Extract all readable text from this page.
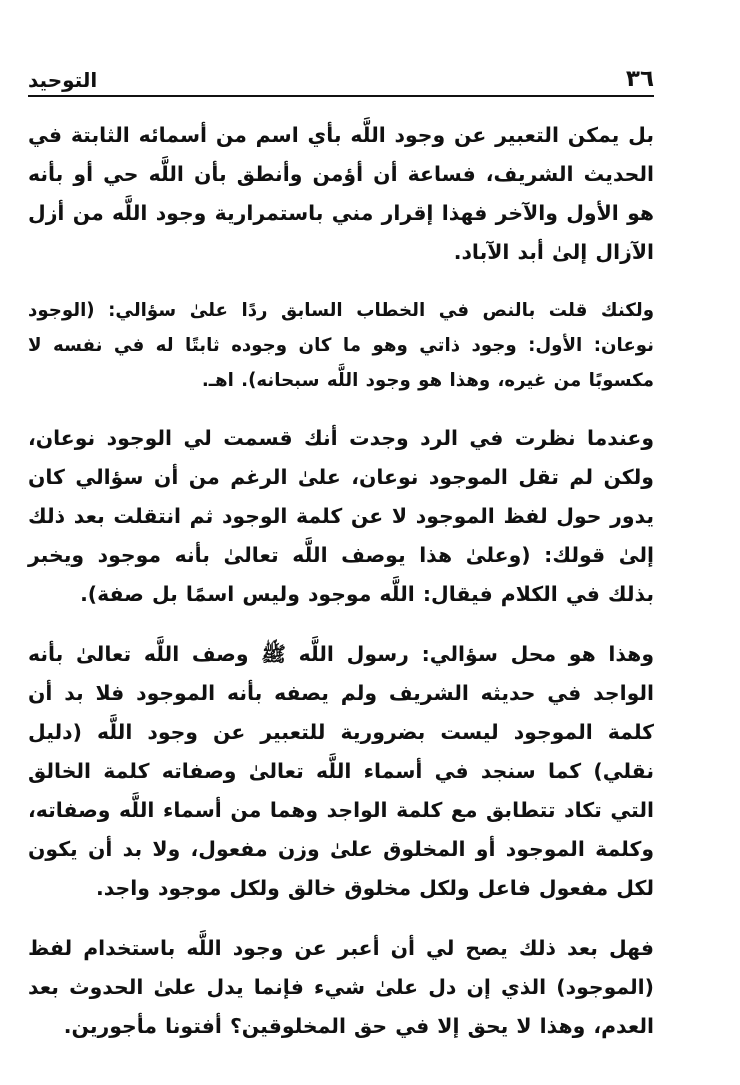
٣٦
التوحيد

بل يمكن التعبير عن وجود اللَّه بأي اسم من أسمائه الثابتة في الحديث الشريف، فساعة أن أؤمن وأنطق بأن اللَّه حي أو بأنه هو الأول والآخر فهذا إقرار مني باستمرارية وجود اللَّه من أزل الآزال إلىٰ أبد الآباد.

ولكنك قلت بالنص في الخطاب السابق ردًا علىٰ سؤالي: (الوجود نوعان: الأول: وجود ذاتي وهو ما كان وجوده ثابتًا له في نفسه لا مكسوبًا من غيره، وهذا هو وجود اللَّه سبحانه). اهـ.

وعندما نظرت في الرد وجدت أنك قسمت لي الوجود نوعان، ولكن لم تقل الموجود نوعان، علىٰ الرغم من أن سؤالي كان يدور حول لفظ الموجود لا عن كلمة الوجود ثم انتقلت بعد ذلك إلىٰ قولك: (وعلىٰ هذا يوصف اللَّه تعالىٰ بأنه موجود ويخبر بذلك في الكلام فيقال: اللَّه موجود وليس اسمًا بل صفة).

وهذا هو محل سؤالي: رسول اللَّه ﷺ وصف اللَّه تعالىٰ بأنه الواجد في حديثه الشريف ولم يصفه بأنه الموجود فلا بد أن كلمة الموجود ليست بضرورية للتعبير عن وجود اللَّه (دليل نقلي) كما سنجد في أسماء اللَّه تعالىٰ وصفاته كلمة الخالق التي تكاد تتطابق مع كلمة الواجد وهما من أسماء اللَّه وصفاته، وكلمة الموجود أو المخلوق علىٰ وزن مفعول، ولا بد أن يكون لكل مفعول فاعل ولكل مخلوق خالق ولكل موجود واجد.

فهل بعد ذلك يصح لي أن أعبر عن وجود اللَّه باستخدام لفظ (الموجود) الذي إن دل علىٰ شيء فإنما يدل علىٰ الحدوث بعد العدم، وهذا لا يحق إلا في حق المخلوقين؟ أفتونا مأجورين.
